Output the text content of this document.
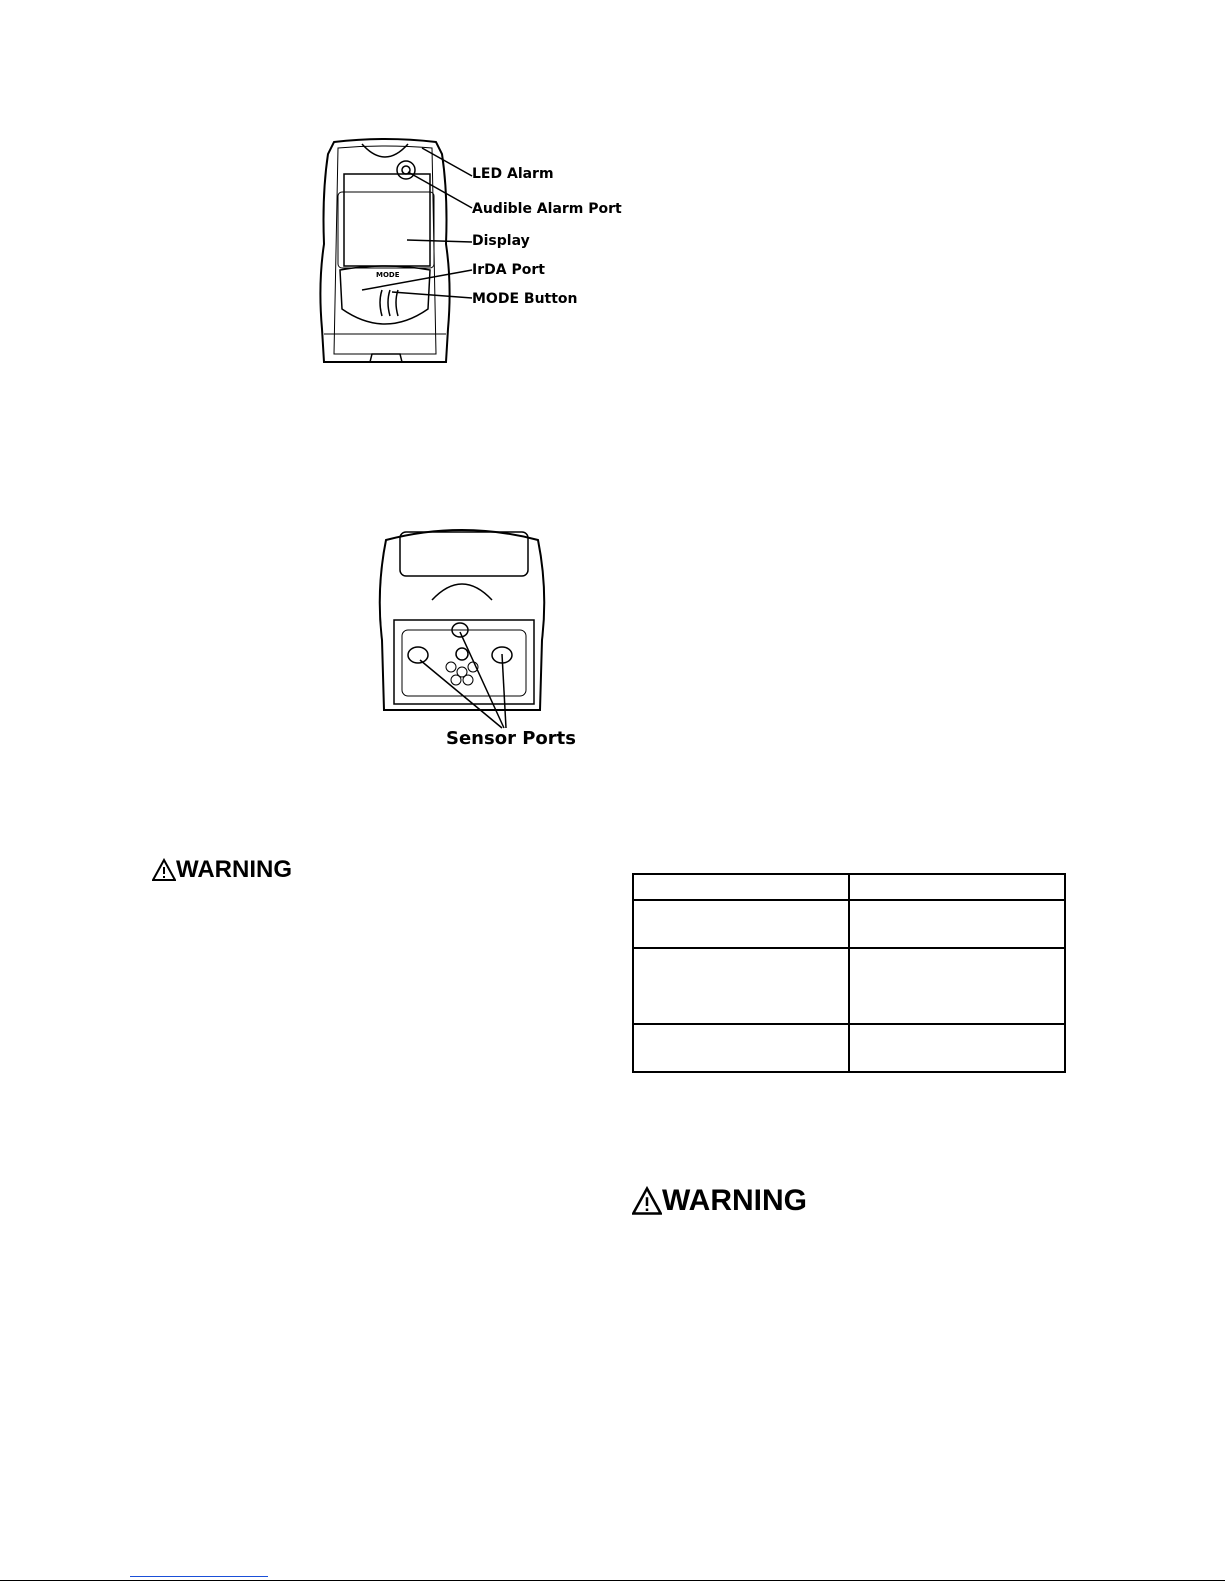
MODE
LED Alarm
Audible Alarm Port
Display
IrDA Port
MODE Button
Sensor Ports
WARNING
WARNING
